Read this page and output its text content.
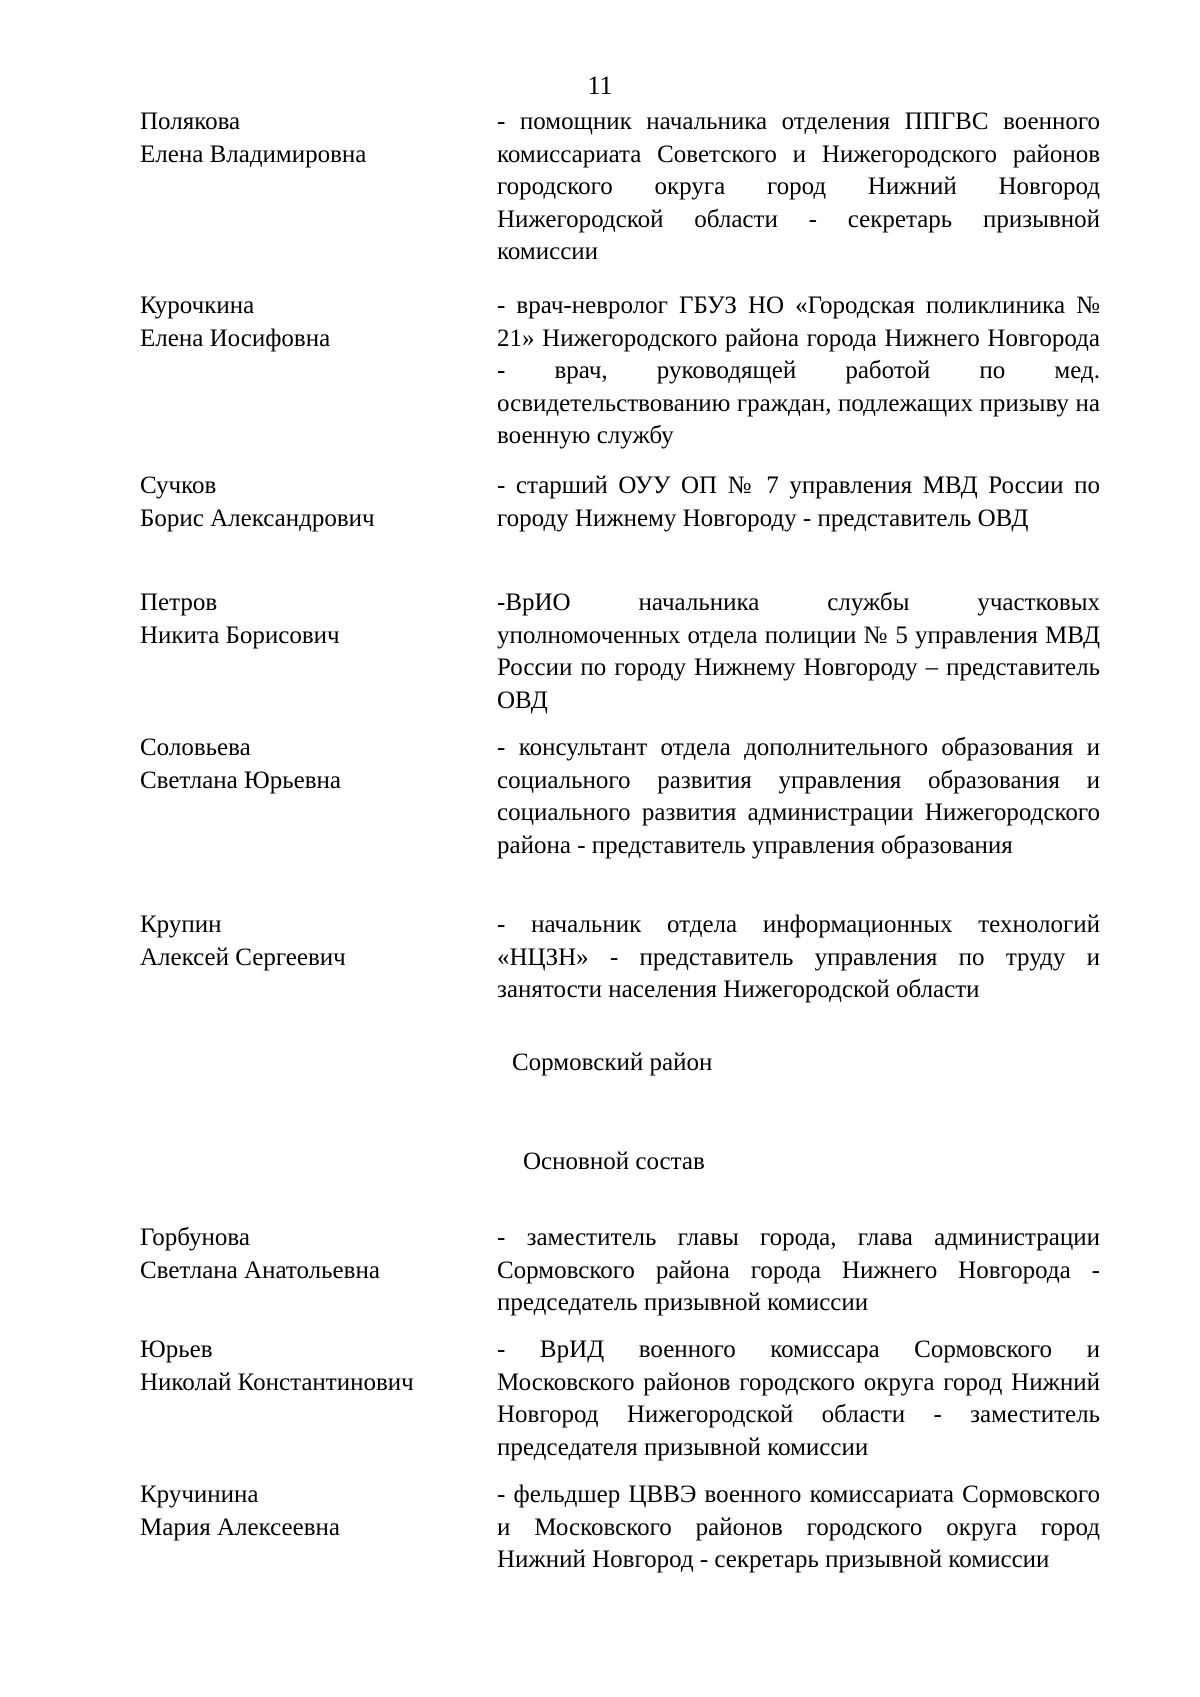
11
Полякова
Елена Владимировна
- помощник начальника отделения ППГВС военного комиссариата Советского и Нижегородского районов городского округа город Нижний Новгород Нижегородской области - секретарь призывной комиссии
Курочкина
Елена Иосифовна
- врач-невролог ГБУЗ НО «Городская поликлиника № 21» Нижегородского района города Нижнего Новгорода - врач, руководящей работой по мед. освидетельствованию граждан, подлежащих призыву на военную службу
Сучков
Борис Александрович
- старший ОУУ ОП № 7 управления МВД России по городу Нижнему Новгороду - представитель ОВД
Петров
Никита Борисович
-ВрИО начальника службы участковых уполномоченных отдела полиции № 5 управления МВД России по городу Нижнему Новгороду – представитель ОВД
Соловьева
Светлана Юрьевна
- консультант отдела дополнительного образования и социального развития управления образования и социального развития администрации Нижегородского района - представитель управления образования
Крупин
Алексей Сергеевич
- начальник отдела информационных технологий «НЦЗН» - представитель управления по труду и занятости населения Нижегородской области
Сормовский район
Основной состав
Горбунова
Светлана Анатольевна
- заместитель главы города, глава администрации Сормовского района города Нижнего Новгорода - председатель призывной комиссии
Юрьев
Николай Константинович
- ВрИД военного комиссара Сормовского и Московского районов городского округа город Нижний Новгород Нижегородской области - заместитель председателя призывной комиссии
Кручинина
Мария Алексеевна
- фельдшер ЦВВЭ военного комиссариата Сормовского и Московского районов городского округа город Нижний Новгород - секретарь призывной комиссии
